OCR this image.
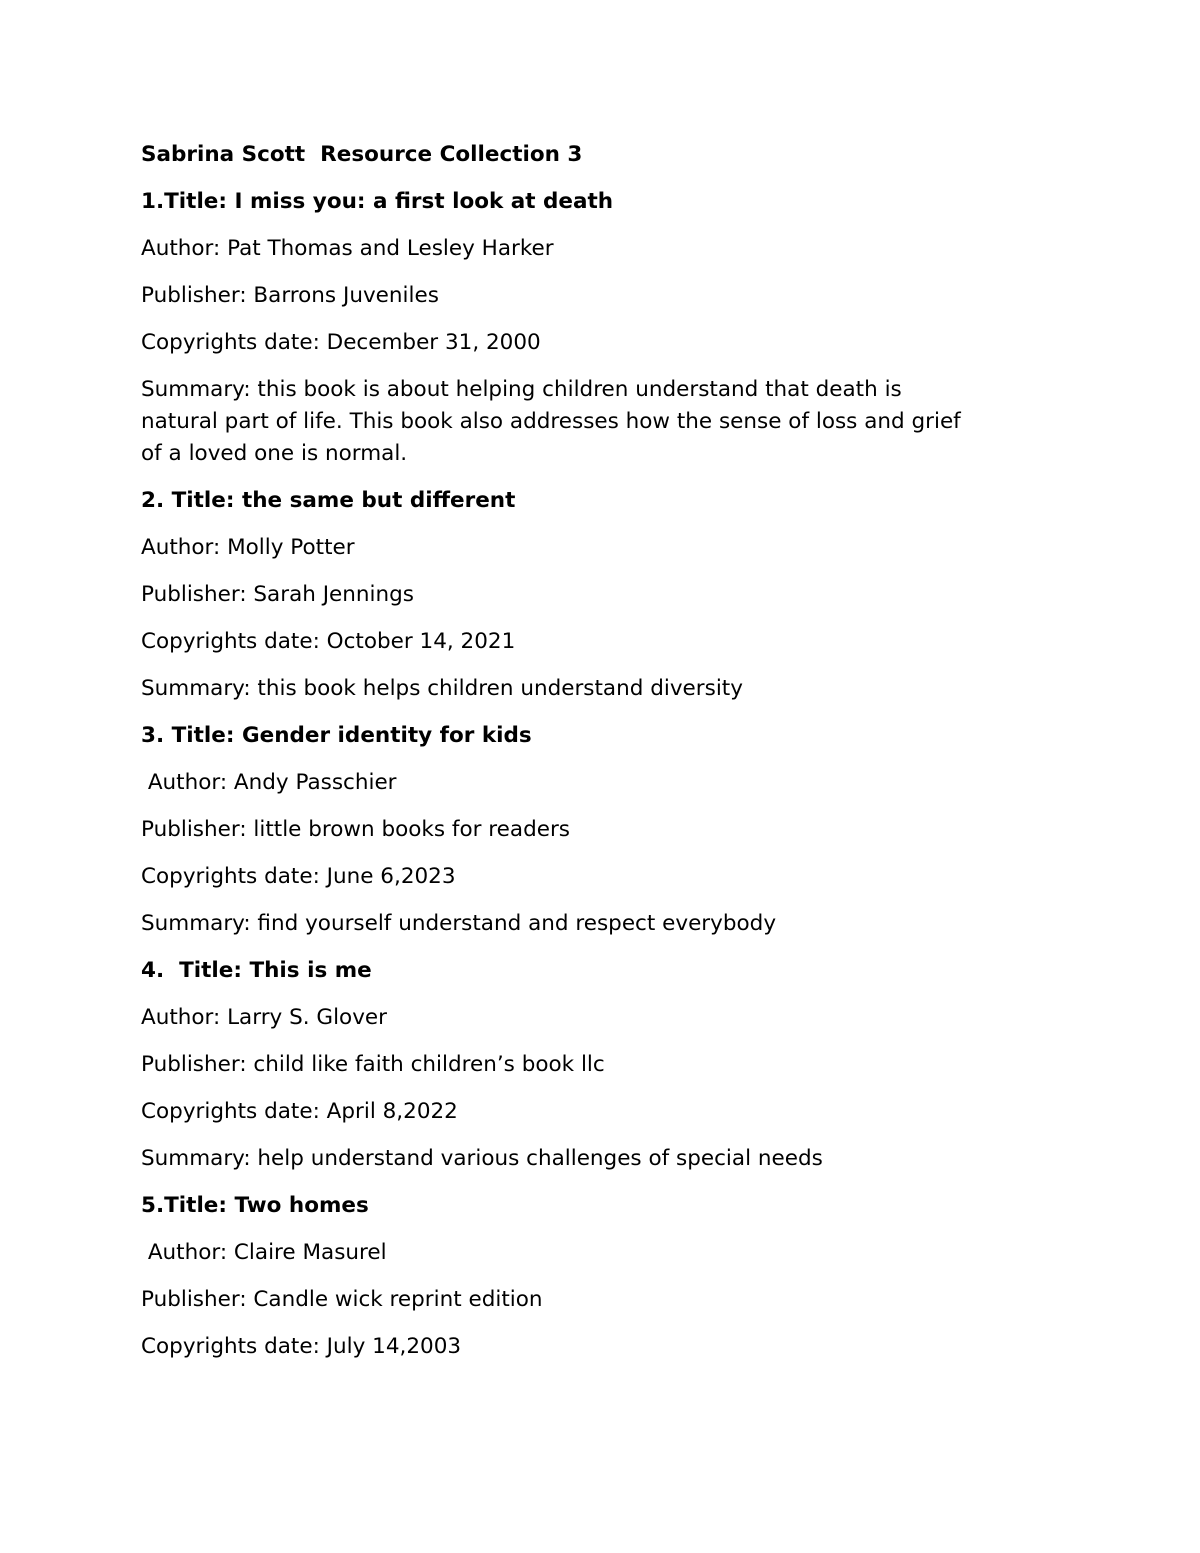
Sabrina Scott  Resource Collection 3
1.Title: I miss you: a first look at death
Author: Pat Thomas and Lesley Harker
Publisher: Barrons Juveniles
Copyrights date: December 31, 2000
Summary: this book is about helping children understand that death is
natural part of life. This book also addresses how the sense of loss and grief
of a loved one is normal.
2. Title: the same but different
Author: Molly Potter
Publisher: Sarah Jennings
Copyrights date: October 14, 2021
Summary: this book helps children understand diversity
3. Title: Gender identity for kids
Author: Andy Passchier
Publisher: little brown books for readers
Copyrights date: June 6,2023
Summary: find yourself understand and respect everybody
4.  Title: This is me
Author: Larry S. Glover
Publisher: child like faith children’s book llc
Copyrights date: April 8,2022
Summary: help understand various challenges of special needs
5.Title: Two homes
Author: Claire Masurel
Publisher: Candle wick reprint edition
Copyrights date: July 14,2003
